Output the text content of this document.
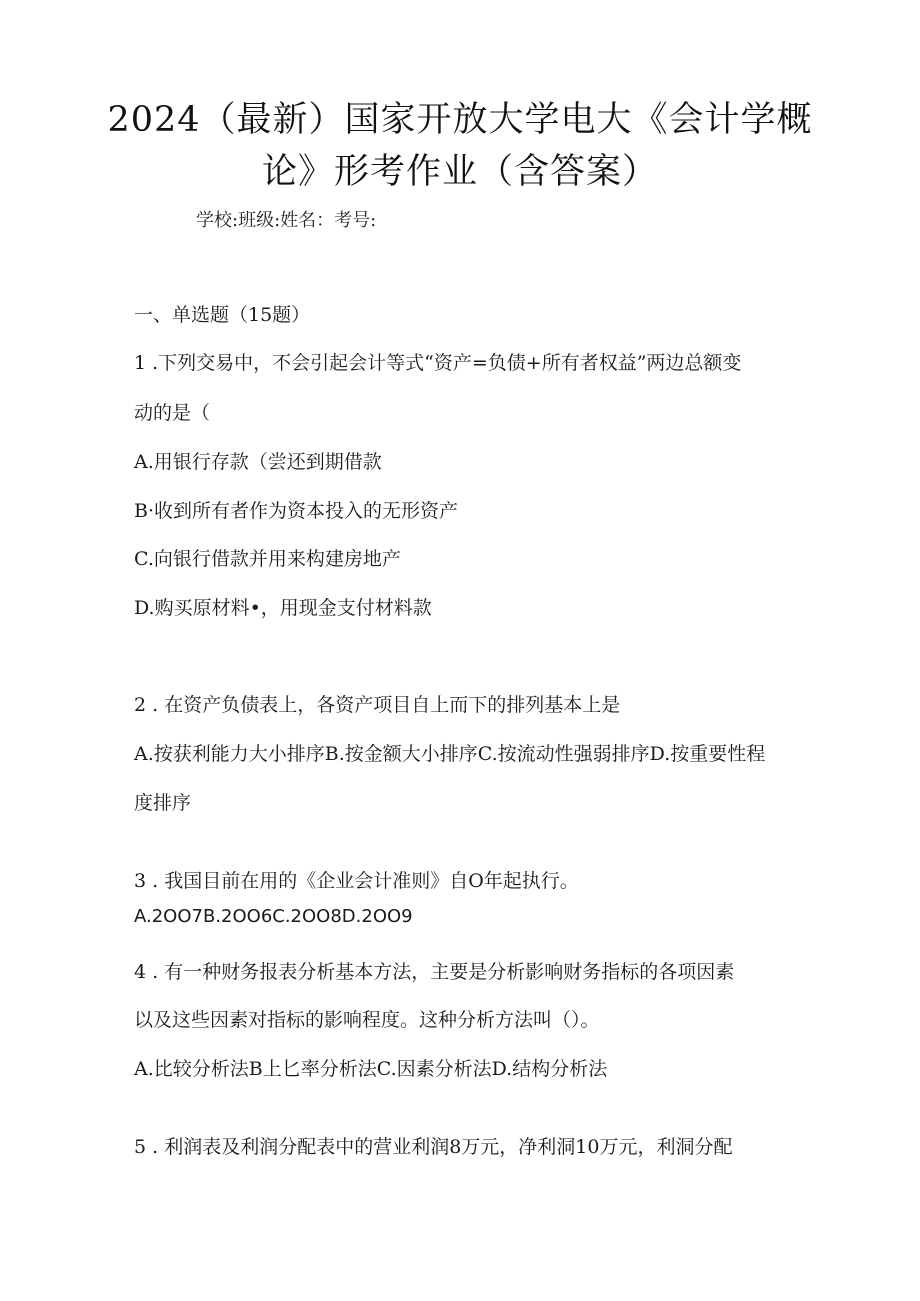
2024（最新）国家开放大学电大《会计学概
论》形考作业（含答案）
学校:班级:姓名：考号:
一、单选题（15题）
1 .下列交易中，不会引起会计等式“资产=负债+所有者权益”两边总额变
动的是（
A.用银行存款（尝还到期借款
B·收到所有者作为资本投入的无形资产
C.向银行借款并用来构建房地产
D.购买原材料•，用现金支付材料款
2 . 在资产负债表上，各资产项目自上而下的排列基本上是
A.按获利能力大小排序B.按金额大小排序C.按流动性强弱排序D.按重要性程
度排序
3 . 我国目前在用的《企业会计准则》自O年起执行。
A.2OO7B.2OO6C.2OO8D.2OO9
4 . 有一种财务报表分析基本方法，主要是分析影响财务指标的各项因素
以及这些因素对指标的影响程度。这种分析方法叫（）。
A.比较分析法B上匕率分析法C.因素分析法D.结构分析法
5 . 利润表及利润分配表中的营业利润8万元，净利洞10万元，利洞分配
